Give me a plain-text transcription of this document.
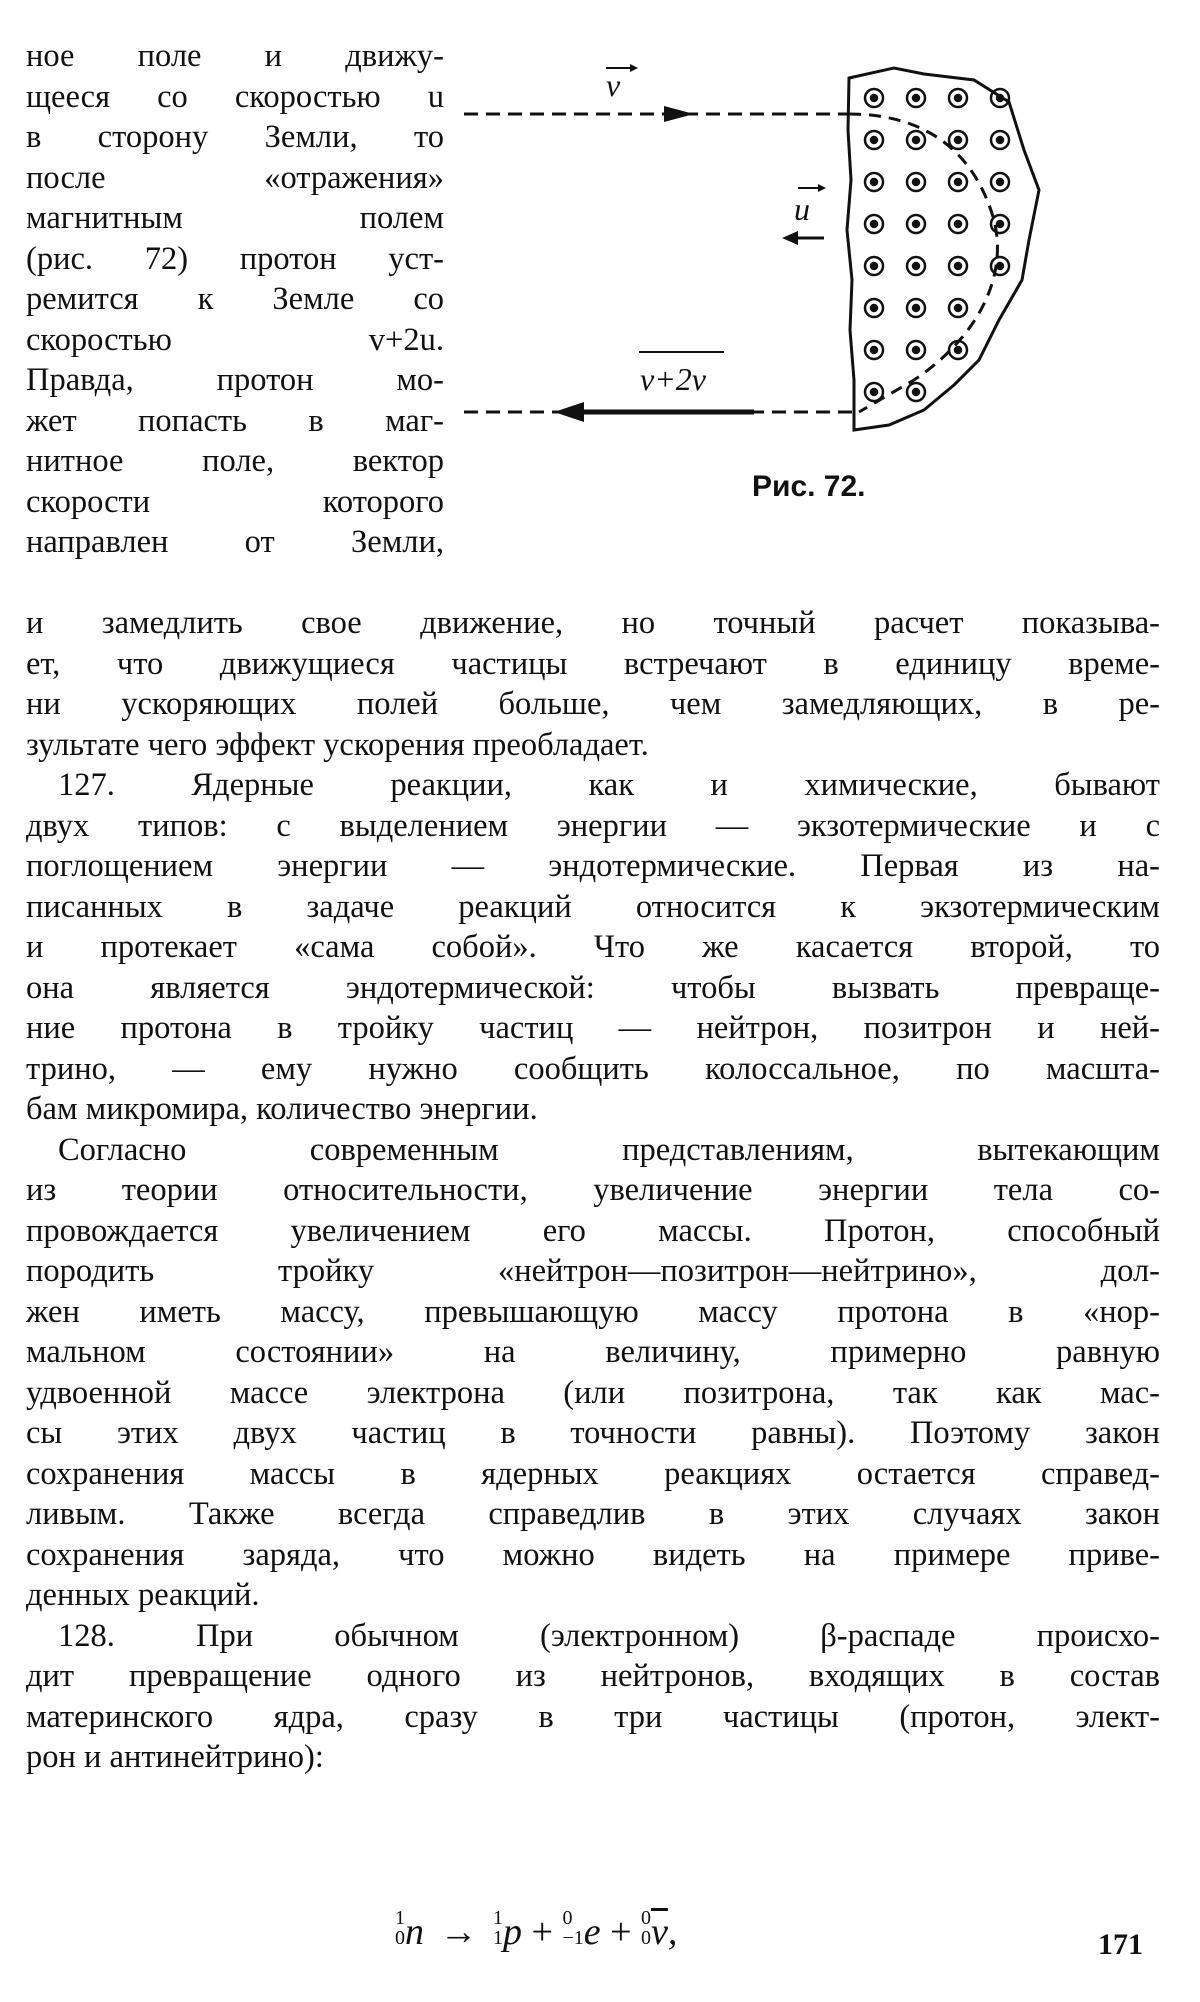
ное поле и движу-
щееся со скоростью u
в сторону Земли, то
после «отражения»
магнитным полем
(рис. 72) протон уст-
ремится к Земле со
скоростью v+2u.
Правда, протон мо-
жет попасть в маг-
нитное поле, вектор
скорости которого
направлен от Земли,
v
u
v+2v
Рис. 72.
и замедлить свое движение, но точный расчет показыва-
ет, что движущиеся частицы встречают в единицу време-
ни ускоряющих полей больше, чем замедляющих, в ре-
зультате чего эффект ускорения преобладает.
127. Ядерные реакции, как и химические, бывают
двух типов: с выделением энергии — экзотермические и с
поглощением энергии — эндотермические. Первая из на-
писанных в задаче реакций относится к экзотермическим
и протекает «сама собой». Что же касается второй, то
она является эндотермической: чтобы вызвать превраще-
ние протона в тройку частиц — нейтрон, позитрон и ней-
трино, — ему нужно сообщить колоссальное, по масшта-
бам микромира, количество энергии.
Согласно современным представлениям, вытекающим
из теории относительности, увеличение энергии тела со-
провождается увеличением его массы. Протон, способный
породить тройку «нейтрон—позитрон—нейтрино», дол-
жен иметь массу, превышающую массу протона в «нор-
мальном состоянии» на величину, примерно равную
удвоенной массе электрона (или позитрона, так как мас-
сы этих двух частиц в точности равны). Поэтому закон
сохранения массы в ядерных реакциях остается справед-
ливым. Также всегда справедлив в этих случаях закон
сохранения заряда, что можно видеть на примере приве-
денных реакций.
128. При обычном (электронном) β-распаде происхо-
дит превращение одного из нейтронов, входящих в состав
материнского ядра, сразу в три частицы (протон, элект-
рон и антинейтрино):
1
0 n → 1
1 p + 0
−1 e + 0
0 $\overline{\nu}$,	171
